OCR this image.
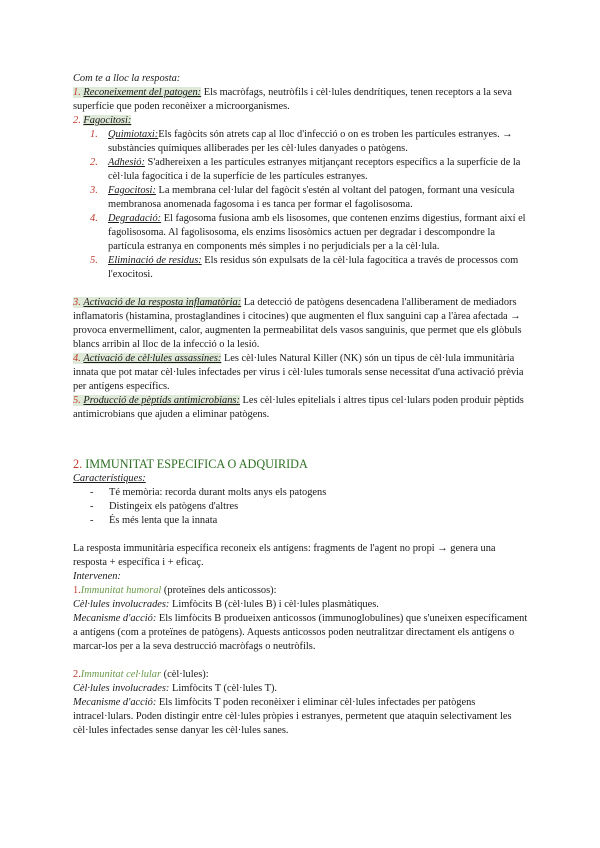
Com te a lloc la resposta:

1. Reconeixement del patogen: Els macròfags, neutròfils i cèl·lules dendrítiques, tenen receptors a la seva superfície que poden reconèixer a microorganismes.

2. Fagocitosi:

1. Quimiotaxi:Els fagòcits són atrets cap al lloc d'infecció o on es troben les partícules estranyes. → substàncies químiques alliberades per les cèl·lules danyades o patògens.
2. Adhesió: S'adhereixen a les partícules estranyes mitjançant receptors específics a la superfície de la cèl·lula fagocítica i de la superfície de les partícules estranyes.
3. Fagocitosi: La membrana cel·lular del fagòcit s'estén al voltant del patogen, formant una vesícula membranosa anomenada fagosoma i es tanca per formar el fagolisosoma.
4. Degradació: El fagosoma fusiona amb els lisosomes, que contenen enzims digestius, formant així el fagolisosoma. Al fagolisosoma, els enzims lisosòmics actuen per degradar i descompondre la partícula estranya en components més simples i no perjudicials per a la cèl·lula.
5. Eliminació de residus: Els residus són expulsats de la cèl·lula fagocítica a través de processos com l'exocitosi.

3. Activació de la resposta inflamatòria: La detecció de patògens desencadena l'alliberament de mediadors inflamatoris (histamina, prostaglandines i citocines) que augmenten el flux sanguini cap a l'àrea afectada → provoca envermelliment, calor, augmenten la permeabilitat dels vasos sanguinis, que permet que els glòbuls blancs arribin al lloc de la infecció o la lesió.

4. Activació de cèl·lules assassines: Les cèl·lules Natural Killer (NK) són un tipus de cèl·lula immunitària innata que pot matar cèl·lules infectades per virus i cèl·lules tumorals sense necessitat d'una activació prèvia per antígens específics.

5. Producció de pèptids antimicrobians: Les cèl·lules epitelials i altres tipus cel·lulars poden produir pèptids antimicrobians que ajuden a eliminar patògens.

2. IMMUNITAT ESPECIFICA O ADQUIRIDA

Característiques:

- Té memòria: recorda durant molts anys els patogens
- Distingeix els patògens d'altres
- És més lenta que la innata

La resposta immunitària específica reconeix els antígens: fragments de l'agent no propi → genera una resposta + específica i + eficaç.

Intervenen:

1.Immunitat humoral (proteïnes dels anticossos):

Cèl·lules involucrades: Limfòcits B (cèl·lules B) i cèl·lules plasmàtiques.

Mecanisme d'acció: Els limfòcits B produeixen anticossos (immunoglobulines) que s'uneixen específicament a antígens (com a proteïnes de patògens). Aquests anticossos poden neutralitzar directament els antígens o marcar-los per a la seva destrucció macròfags o neutròfils.

2.Immunitat cel·lular (cèl·lules):

Cèl·lules involucrades: Limfòcits T (cèl·lules T).

Mecanisme d'acció: Els limfòcits T poden reconèixer i eliminar cèl·lules infectades per patògens intracel·lulars. Poden distingir entre cèl·lules pròpies i estranyes, permetent que ataquin selectivament les cèl·lules infectades sense danyar les cèl·lules sanes.
